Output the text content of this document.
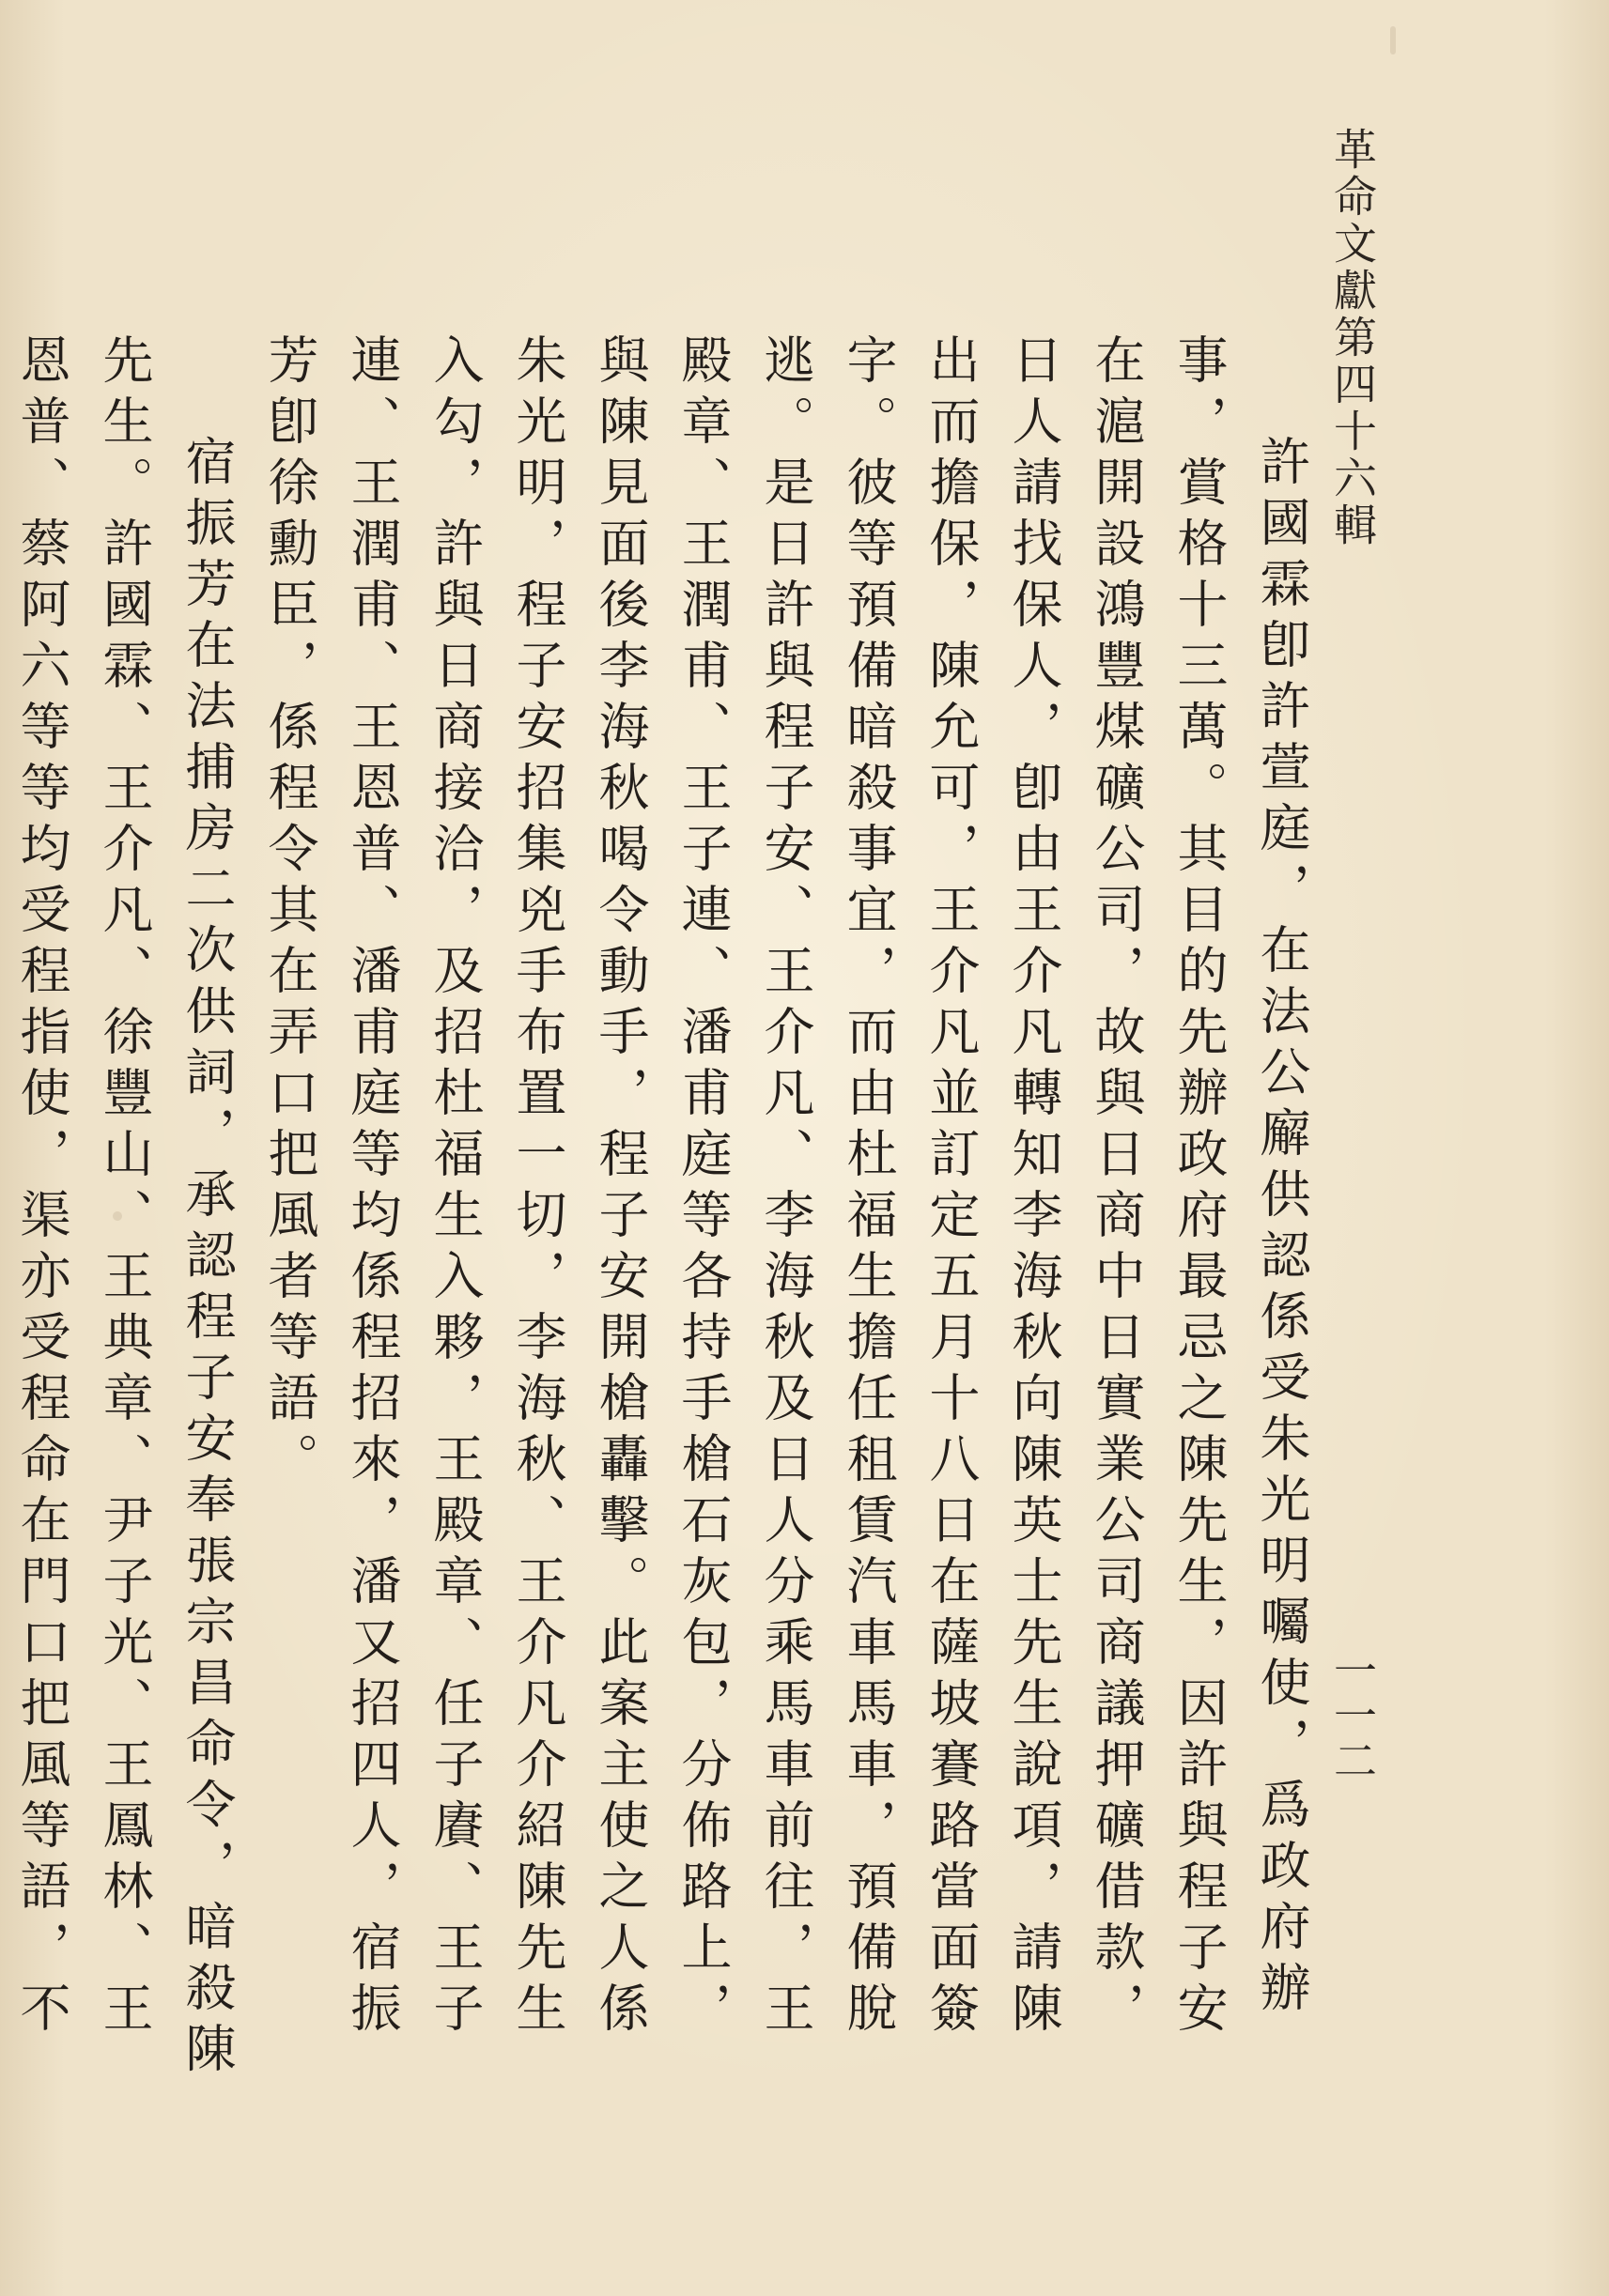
革命文獻第四十六輯
一一二

許國霖卽許萱庭，在法公廨供認係受朱光明囑使，爲政府辦事，賞格十三萬。其目的先辦政府最忌之陳先生，因許與程子安在滬開設鴻豐煤礦公司，故與日商中日實業公司商議押礦借款，日人請找保人，卽由王介凡轉知李海秋向陳英士先生說項，請陳出而擔保，陳允可，王介凡並訂定五月十八日在薩坡賽路當面簽字。彼等預備暗殺事宜，而由杜福生擔任租賃汽車馬車，預備脫逃。是日許與程子安、王介凡、李海秋及日人分乘馬車前往，王殿章、王潤甫、王子連、潘甫庭等各持手槍石灰包，分佈路上，與陳見面後李海秋喝令動手，程子安開槍轟擊。此案主使之人係朱光明，程子安招集兇手布置一切，李海秋、王介凡介紹陳先生入勾，許與日商接洽，及招杜福生入夥，王殿章、任子賡、王子連、王潤甫、王恩普、潘甫庭等均係程招來，潘又招四人，宿振芳卽徐勳臣，係程令其在弄口把風者等語。

宿振芳在法捕房二次供詞，承認程子安奉張宗昌命令，暗殺陳先生。許國霖、王介凡、徐豐山、王典章、尹子光、王鳳林、王恩普、蔡阿六等等均受程指使，渠亦受程命在門口把風等語，不
